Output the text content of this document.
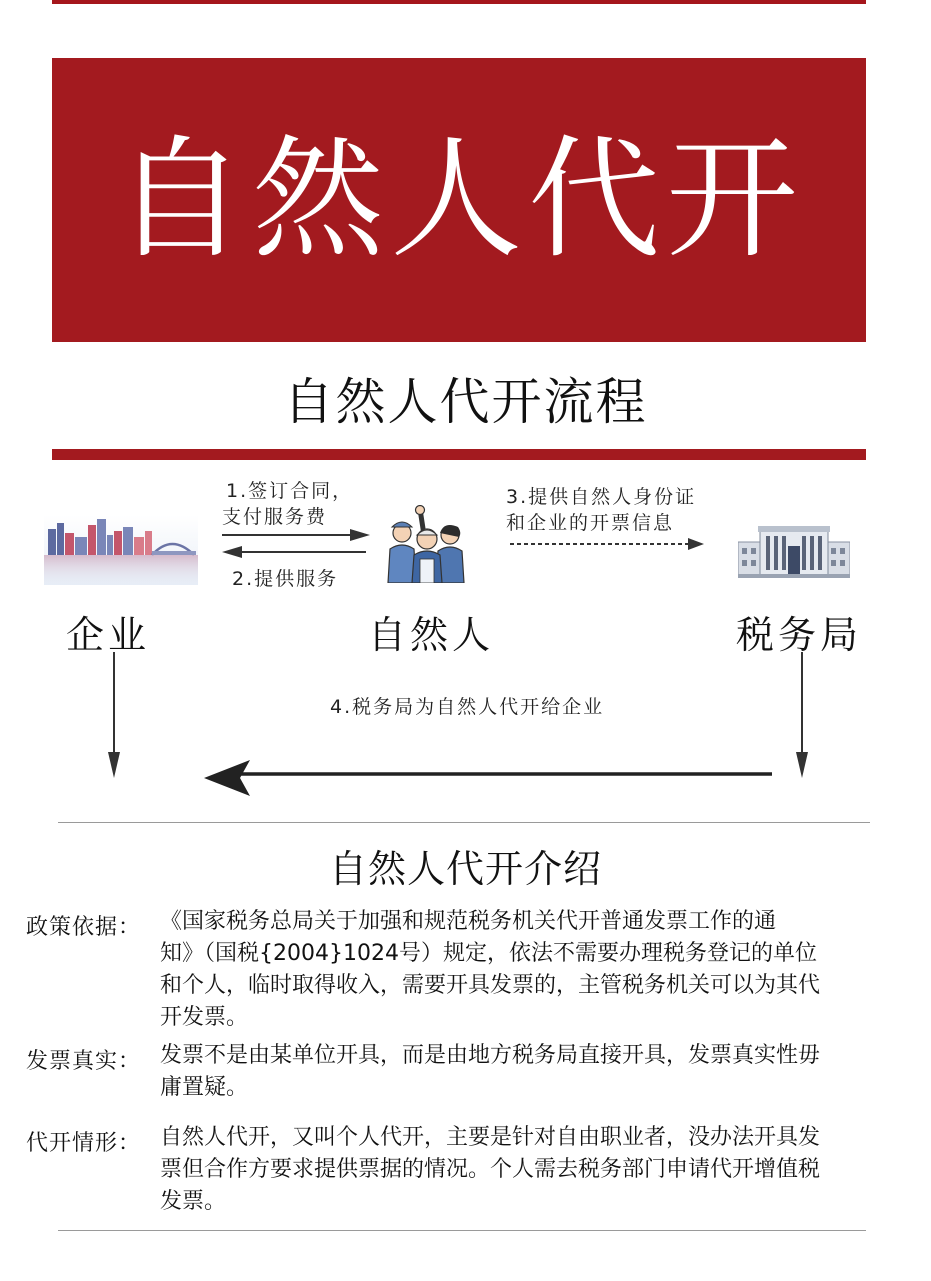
自然人代开
自然人代开流程
1.签订合同，
支付服务费
2.提供服务
3.提供自然人身份证
和企业的开票信息
4.税务局为自然人代开给企业
企业	自然人	税务局
自然人代开介绍
政策依据： 《国家税务总局关于加强和规范税务机关代开普通发票工作的通知》（国税{2004}1024号）规定，依法不需要办理税务登记的单位和个人，临时取得收入，需要开具发票的，主管税务机关可以为其代开发票。
发票真实： 发票不是由某单位开具，而是由地方税务局直接开具，发票真实性毋庸置疑。
代开情形： 自然人代开，又叫个人代开，主要是针对自由职业者，没办法开具发票但合作方要求提供票据的情况。个人需去税务部门申请代开增值税发票。
